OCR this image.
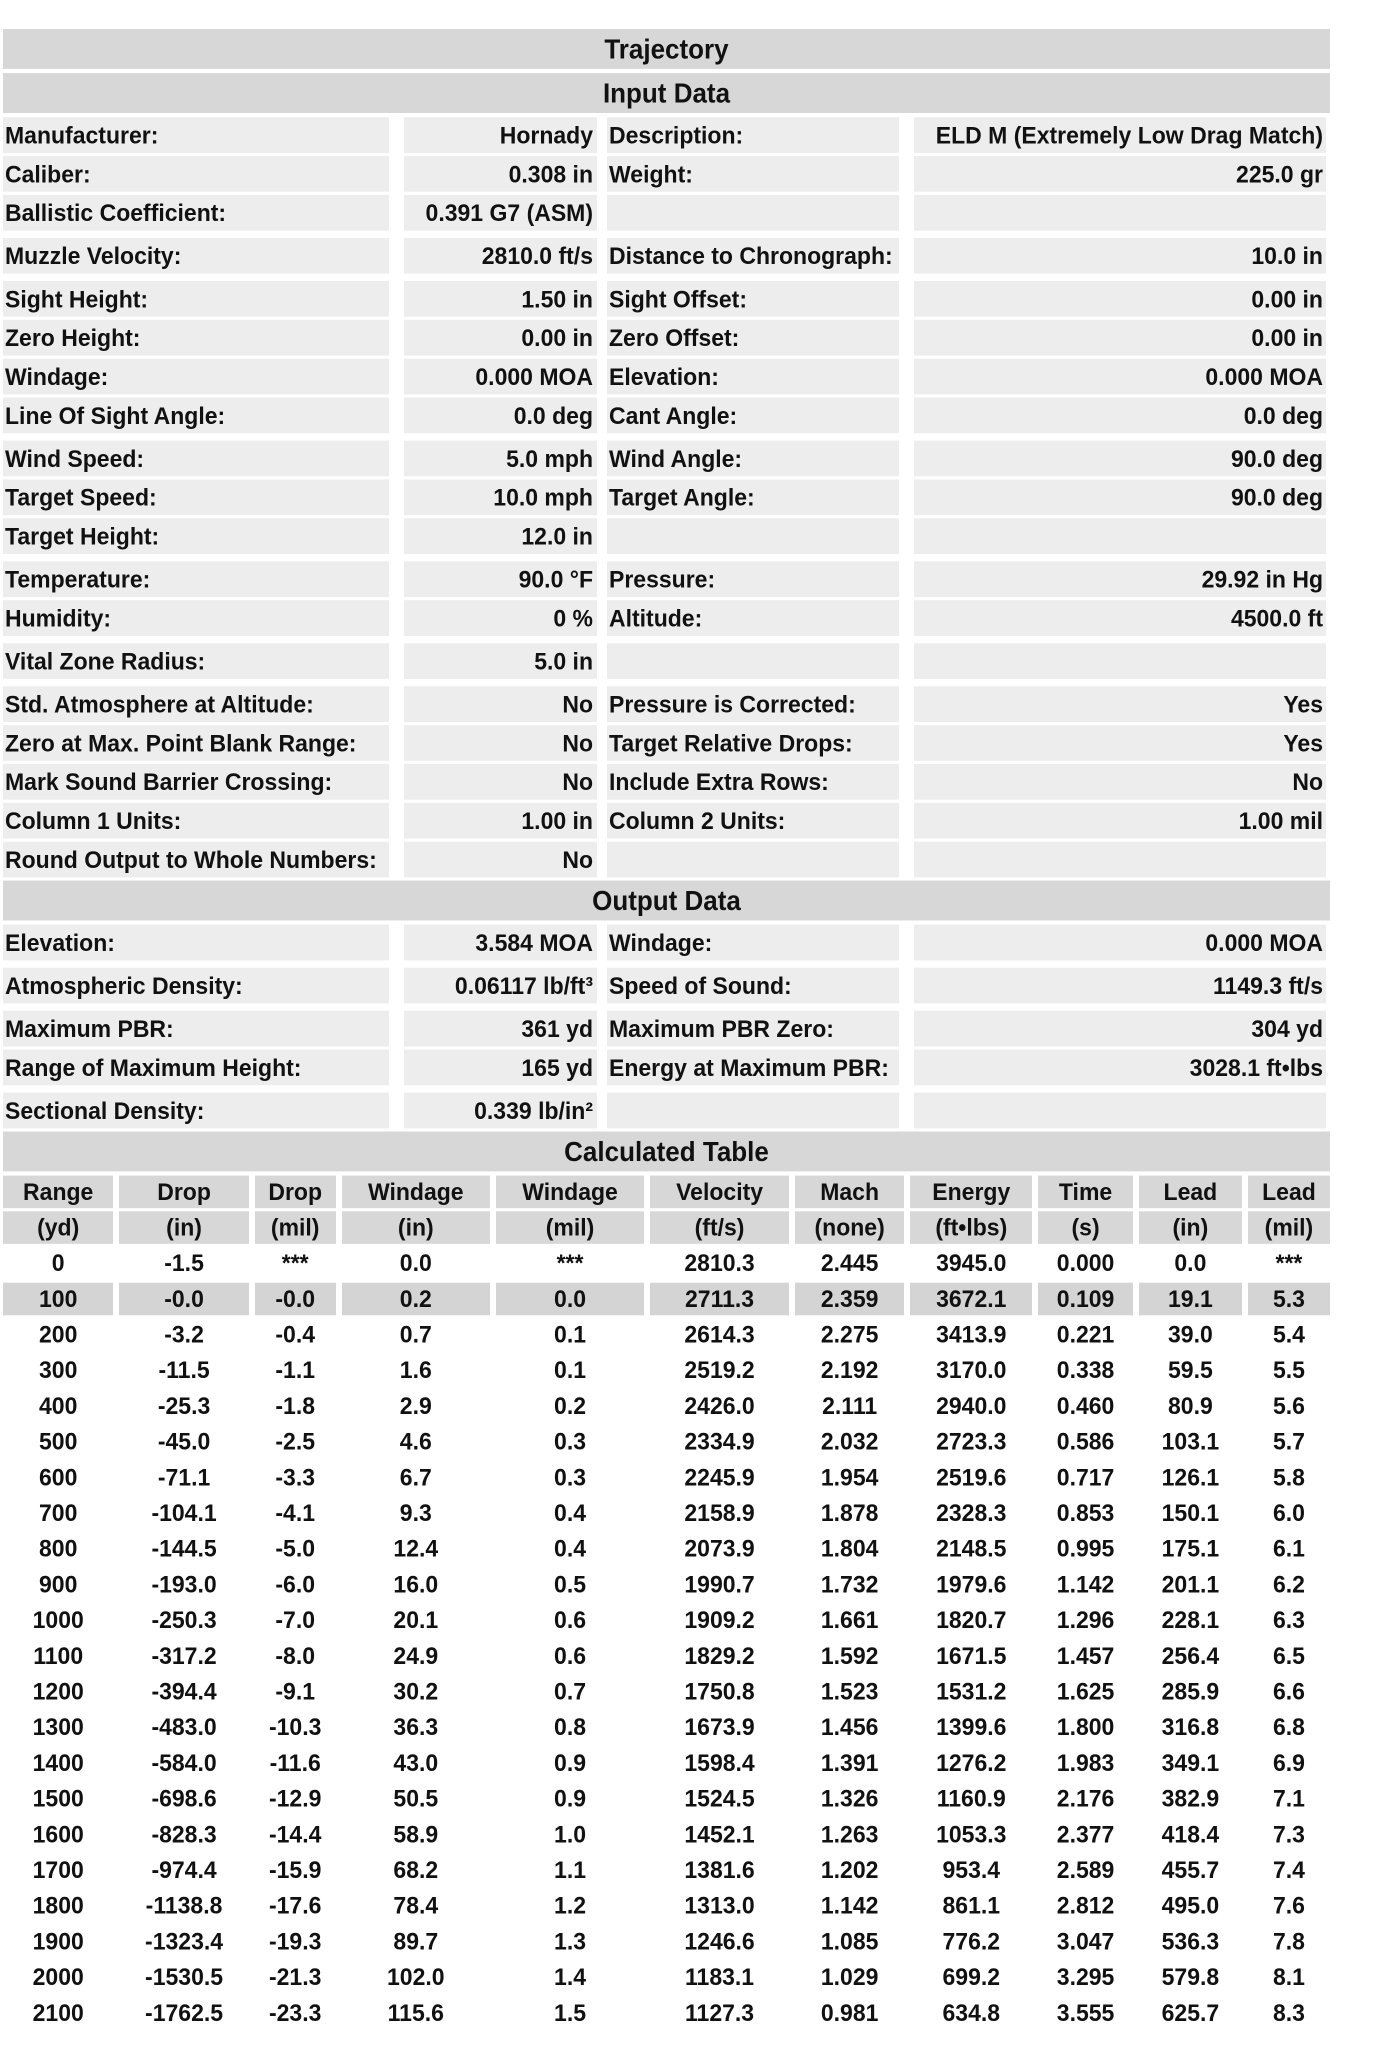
Trajectory
Input Data
Manufacturer:	Hornady Description:	ELD M (Extremely Low Drag Match)
Caliber:	0.308 in Weight:	225.0 gr
Ballistic Coefficient:	0.391 G7 (ASM)
Muzzle Velocity:	2810.0 ft/s Distance to Chronograph:	10.0 in
Sight Height:	1.50 in Sight Offset:	0.00 in
Zero Height:	0.00 in Zero Offset:	0.00 in
Windage:	0.000 MOA Elevation:	0.000 MOA
Line Of Sight Angle:	0.0 deg Cant Angle:	0.0 deg
Wind Speed:	5.0 mph Wind Angle:	90.0 deg
Target Speed:	10.0 mph Target Angle:	90.0 deg
Target Height:	12.0 in
Temperature:	90.0 °F Pressure:	29.92 in Hg
Humidity:	0 % Altitude:	4500.0 ft
Vital Zone Radius:	5.0 in
Std. Atmosphere at Altitude:	No Pressure is Corrected:	Yes
Zero at Max. Point Blank Range:	No Target Relative Drops:	Yes
Mark Sound Barrier Crossing:	No Include Extra Rows:	No
Column 1 Units:	1.00 in Column 2 Units:	1.00 mil
Round Output to Whole Numbers:	No
Output Data
Elevation:	3.584 MOA Windage:	0.000 MOA
Atmospheric Density:	0.06117 lb/ft³ Speed of Sound:	1149.3 ft/s
Maximum PBR:	361 yd Maximum PBR Zero:	304 yd
Range of Maximum Height:	165 yd Energy at Maximum PBR:	3028.1 ft•lbs
Sectional Density:	0.339 lb/in²
Calculated Table
Range	Drop	Drop	Windage	Windage	Velocity	Mach	Energy	Time	Lead	Lead
(yd)	(in)	(mil)	(in)	(mil)	(ft/s)	(none)	(ft•lbs)	(s)	(in)	(mil)
0	-1.5	***	0.0	***	2810.3	2.445	3945.0	0.000	0.0	***
100	-0.0	-0.0	0.2	0.0	2711.3	2.359	3672.1	0.109	19.1	5.3
200	-3.2	-0.4	0.7	0.1	2614.3	2.275	3413.9	0.221	39.0	5.4
300	-11.5	-1.1	1.6	0.1	2519.2	2.192	3170.0	0.338	59.5	5.5
400	-25.3	-1.8	2.9	0.2	2426.0	2.111	2940.0	0.460	80.9	5.6
500	-45.0	-2.5	4.6	0.3	2334.9	2.032	2723.3	0.586	103.1	5.7
600	-71.1	-3.3	6.7	0.3	2245.9	1.954	2519.6	0.717	126.1	5.8
700	-104.1	-4.1	9.3	0.4	2158.9	1.878	2328.3	0.853	150.1	6.0
800	-144.5	-5.0	12.4	0.4	2073.9	1.804	2148.5	0.995	175.1	6.1
900	-193.0	-6.0	16.0	0.5	1990.7	1.732	1979.6	1.142	201.1	6.2
1000	-250.3	-7.0	20.1	0.6	1909.2	1.661	1820.7	1.296	228.1	6.3
1100	-317.2	-8.0	24.9	0.6	1829.2	1.592	1671.5	1.457	256.4	6.5
1200	-394.4	-9.1	30.2	0.7	1750.8	1.523	1531.2	1.625	285.9	6.6
1300	-483.0	-10.3	36.3	0.8	1673.9	1.456	1399.6	1.800	316.8	6.8
1400	-584.0	-11.6	43.0	0.9	1598.4	1.391	1276.2	1.983	349.1	6.9
1500	-698.6	-12.9	50.5	0.9	1524.5	1.326	1160.9	2.176	382.9	7.1
1600	-828.3	-14.4	58.9	1.0	1452.1	1.263	1053.3	2.377	418.4	7.3
1700	-974.4	-15.9	68.2	1.1	1381.6	1.202	953.4	2.589	455.7	7.4
1800	-1138.8	-17.6	78.4	1.2	1313.0	1.142	861.1	2.812	495.0	7.6
1900	-1323.4	-19.3	89.7	1.3	1246.6	1.085	776.2	3.047	536.3	7.8
2000	-1530.5	-21.3	102.0	1.4	1183.1	1.029	699.2	3.295	579.8	8.1
2100	-1762.5	-23.3	115.6	1.5	1127.3	0.981	634.8	3.555	625.7	8.3
